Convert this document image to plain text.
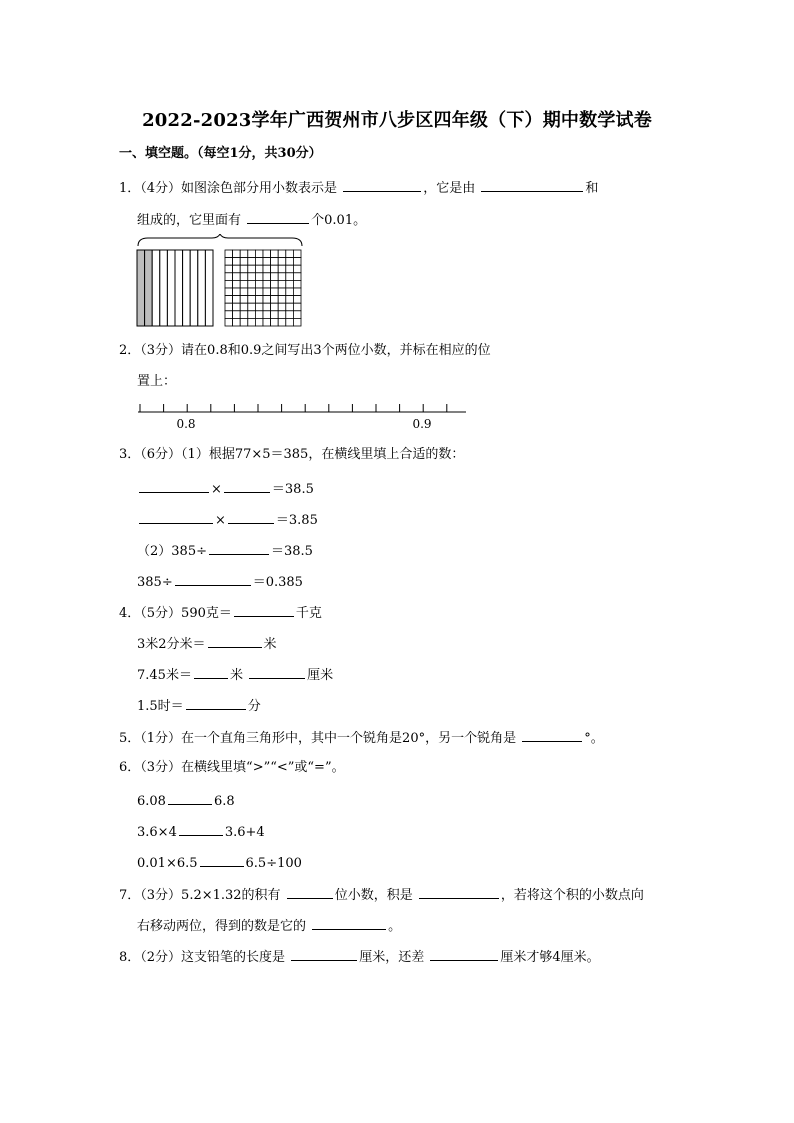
2022-2023学年广西贺州市八步区四年级（下）期中数学试卷
一、填空题。（每空1分，共30分）
1．（4分）如图涂色部分用小数表示是	，它是由	和
组成的，它里面有	个0.01。
2．（3分）请在0.8和0.9之间写出3个两位小数，并标在相应的位
置上：
0.8	0.9
3．（6分）（1）根据77×5＝385，在横线里填上合适的数：
×	＝38.5
×	＝3.85
（2）385÷	＝38.5
385÷	＝0.385
4．（5分）590克＝	千克
3米2分米＝	米
7.45米＝	米	厘米
1.5时＝	分
5．（1分）在一个直角三角形中，其中一个锐角是20°，另一个锐角是	°。
6．（3分）在横线里填“>”“<”或“=”。
6.08	6.8
3.6×4	3.6+4
0.01×6.5	6.5÷100
7．（3分）5.2×1.32的积有	位小数，积是	，若将这个积的小数点向
右移动两位，得到的数是它的	。
8．（2分）这支铅笔的长度是	厘米，还差	厘米才够4厘米。
